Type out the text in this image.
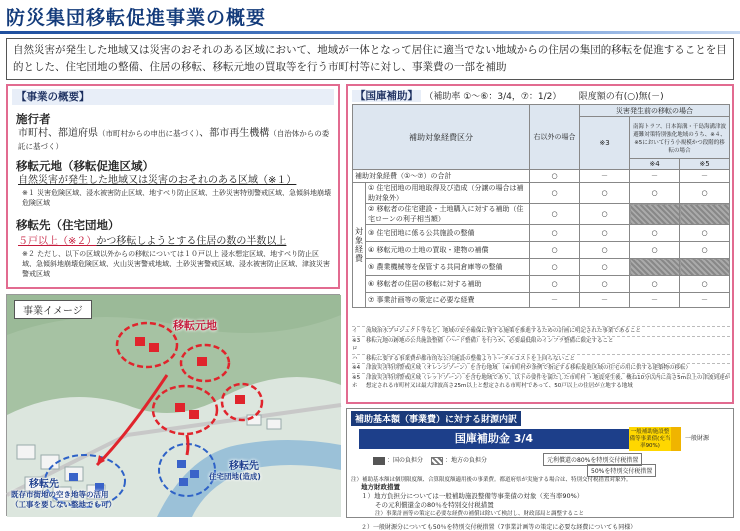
防災集団移転促進事業の概要
自然災害が発生した地域又は災害のおそれのある区域において、地域が一体となって居住に適当でない地域からの住居の集団的移転を促進することを目的とした、住宅団地の整備、住居の移転、移転元地の買取等を行う市町村等に対し、事業費の一部を補助
【事業の概要】
施行者
市町村、都道府県（市町村からの申出に基づく）、都市再生機構（自治体からの委託に基づく）
移転元地（移転促進区域）
自然災害が発生した地域又は災害のおそれのある区域（※１）
※１ 災害危険区域、浸水被害防止区域、地すべり防止区域、土砂災害特別警戒区域、急傾斜地崩壊危険区域
移転先（住宅団地）
５戸以上（※２）かつ移転しようとする住居の数の半数以上
※２ ただし、以下の区域以外からの移転については１０戸以上 浸水想定区域、地すべり防止区域、急傾斜地崩壊危険区域、火山災害警戒地域、土砂災害警戒区域、浸水被害防止区域、津波災害警戒区域
事業イメージ
移転元地
移転先
既存市街地の空き地等の活用
（工事を要しない整地でも可）
移転先
住宅団地(造成)
【国庫補助】 （補助率 ①～⑥：3/4，⑦：1/2） 限度額の有(○)無(－)
補助対象経費区分		右以外の場合	災害発生前の移転の場合		
			※3	南海トラフ、日本海溝・千島海溝津波避難対策特別強化地域のうち、※４、※5において行う小規模かつ段階的移転の場合	
				※4	※5
補助対象経費（①～⑦）の合計		○	－	－	－
対象経費	① 住宅団地の用地取得及び造成（分譲の場合は補助対象外）	○	○	○	○
	② 移転者の住宅建設・土地購入に対する補助（住宅ローンの利子相当額）	○	○		
	③ 住宅団地に係る公共施設の整備	○	○	○	○
	④ 移転元地の土地の買取・建物の補償	○	○	○	○
	⑤ 農業機械等を保管する共同倉庫等の整備	○	○		
	⑥ 移転者の住居の移転に対する補助	○	○	○	○
	⑦ 事業計画等の策定に必要な経費	－	－	－	－
イ	流域治水プロジェクト等など、地域の安全確保に資する施策を推進するための計画に明記された事業であること
※3 ロ
移転元地の跡地の公共施設整備（ハード整備）を行うか、必要最低限のインフラ整備に限定すること
ハ	移転に要する事業費が都市的な公共施設の整備よりトータルコストを上回らないこと
※4	津波災害特別警戒区域（オレンジゾーン）を含む地域 （※市町村が条例で指定する移転促進区域の住宅の用に供する建築物の移転）
※5 ホ
津波災害特別警戒区域（レッドゾーン）を含む地域であり、以下の要件を満たした市町村 ・地震発生後、概ね10分以内に高さ5m以上の津波到達が想定される市町村又は最大津波高さ25m以上と想定される市町村であって、50戸以上の住居が立地する地域
補助基本額（事業費）に対する財源内訳
国庫補助金 3/4	一般補助施設整備等事業債(充当率90%)
一般財源
：国の負担分	：地方の負担分	元利償還の80%を特別交付税措置
50%を特別交付税措置
注）補助基本額は個別限度額、合算限度額適用後の事業費。都道府県が実施する場合は、特別交付税措置対象外。
地方財政措置
１）地方負担分については一般補助施設整備等事業債の対象（充当率90%）
その元利償還金の80％を特別交付税措置
注）事業計画等の策定に必要な経費の補償は除いて検討し、財政部局と調整すること
２）一般財源分についても50％を特別交付税措置（7事業計画等の策定に必要な経費についても同様）
